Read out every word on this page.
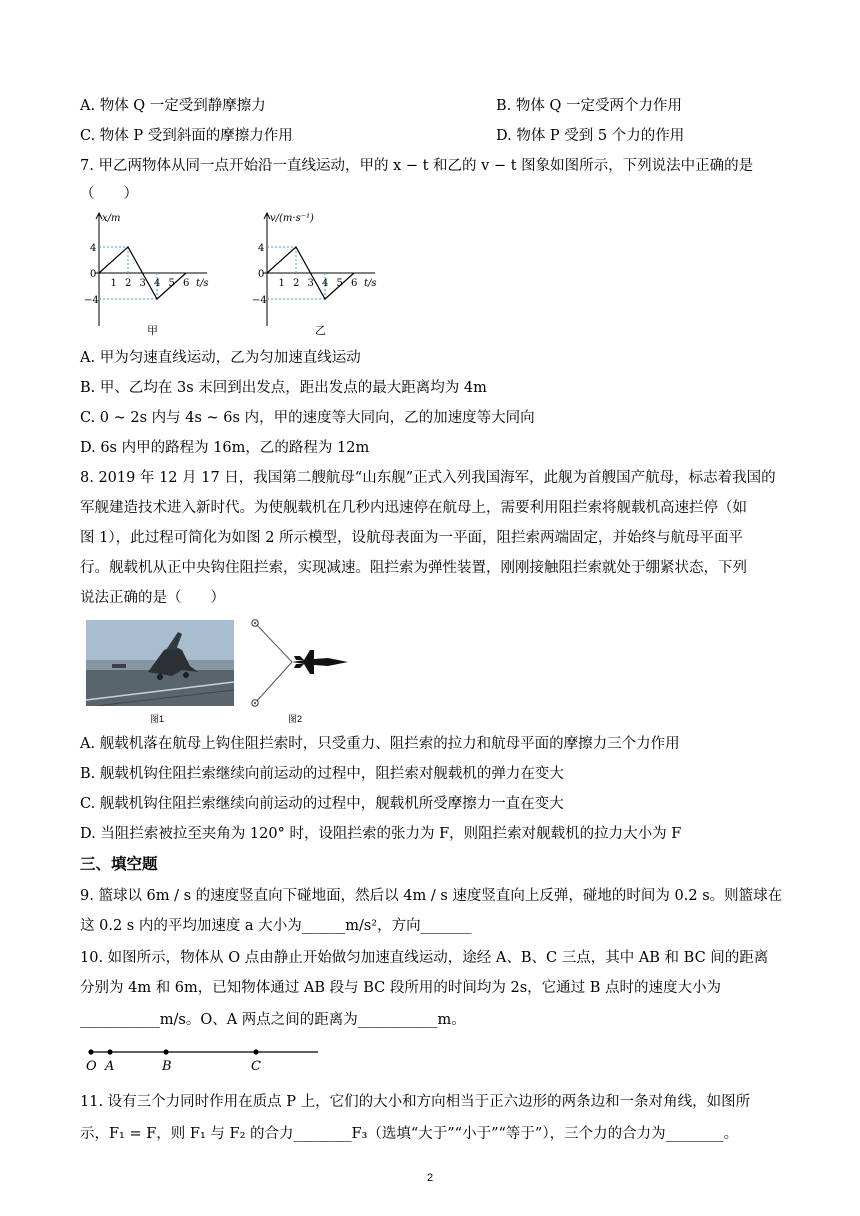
A. 物体 Q 一定受到静摩擦力	B. 物体 Q 一定受两个力作用
C. 物体 P 受到斜面的摩擦力作用	D. 物体 P 受到 5 个力的作用
7. 甲乙两物体从同一点开始沿一直线运动，甲的 x − t 和乙的 v − t 图象如图所示，下列说法中正确的是
（　　）
1 2 3 4 5 6
4
0
−4
x/m
t/s
甲
1 2 3 4 5 6
4
0
−4
v/(m·s⁻¹)
t/s
乙
A. 甲为匀速直线运动，乙为匀加速直线运动
B. 甲、乙均在 3s 末回到出发点，距出发点的最大距离均为 4m
C. 0 ~ 2s 内与 4s ~ 6s 内，甲的速度等大同向，乙的加速度等大同向
D. 6s 内甲的路程为 16m，乙的路程为 12m
8. 2019 年 12 月 17 日，我国第二艘航母“山东舰”正式入列我国海军，此舰为首艘国产航母，标志着我国的
军舰建造技术进入新时代。为使舰载机在几秒内迅速停在航母上，需要利用阻拦索将舰载机高速拦停（如
图 1），此过程可简化为如图 2 所示模型，设航母表面为一平面，阻拦索两端固定，并始终与航母平面平
行。舰载机从正中央钩住阻拦索，实现减速。阻拦索为弹性装置，刚刚接触阻拦索就处于绷紧状态，下列
说法正确的是（　　）
图1	图2
A. 舰载机落在航母上钩住阻拦索时，只受重力、阻拦索的拉力和航母平面的摩擦力三个力作用
B. 舰载机钩住阻拦索继续向前运动的过程中，阻拦索对舰载机的弹力在变大
C. 舰载机钩住阻拦索继续向前运动的过程中，舰载机所受摩擦力一直在变大
D. 当阻拦索被拉至夹角为 120° 时，设阻拦索的张力为 F，则阻拦索对舰载机的拉力大小为 F
三、填空题
9. 篮球以 6m / s 的速度竖直向下碰地面，然后以 4m / s 速度竖直向上反弹，碰地的时间为 0.2 s。则篮球在
这 0.2 s 内的平均加速度 a 大小为______m/s²，方向_______
10. 如图所示，物体从 O 点由静止开始做匀加速直线运动，途经 A、B、C 三点，其中 AB 和 BC 间的距离
分别为 4m 和 6m，已知物体通过 AB 段与 BC 段所用的时间均为 2s，它通过 B 点时的速度大小为
___________m/s。O、A 两点之间的距离为___________m。
O A	B	C
11. 设有三个力同时作用在质点 P 上，它们的大小和方向相当于正六边形的两条边和一条对角线，如图所
示，F₁ = F，则 F₁ 与 F₂ 的合力________F₃（选填“大于”“小于”“等于”），三个力的合力为________。
2
